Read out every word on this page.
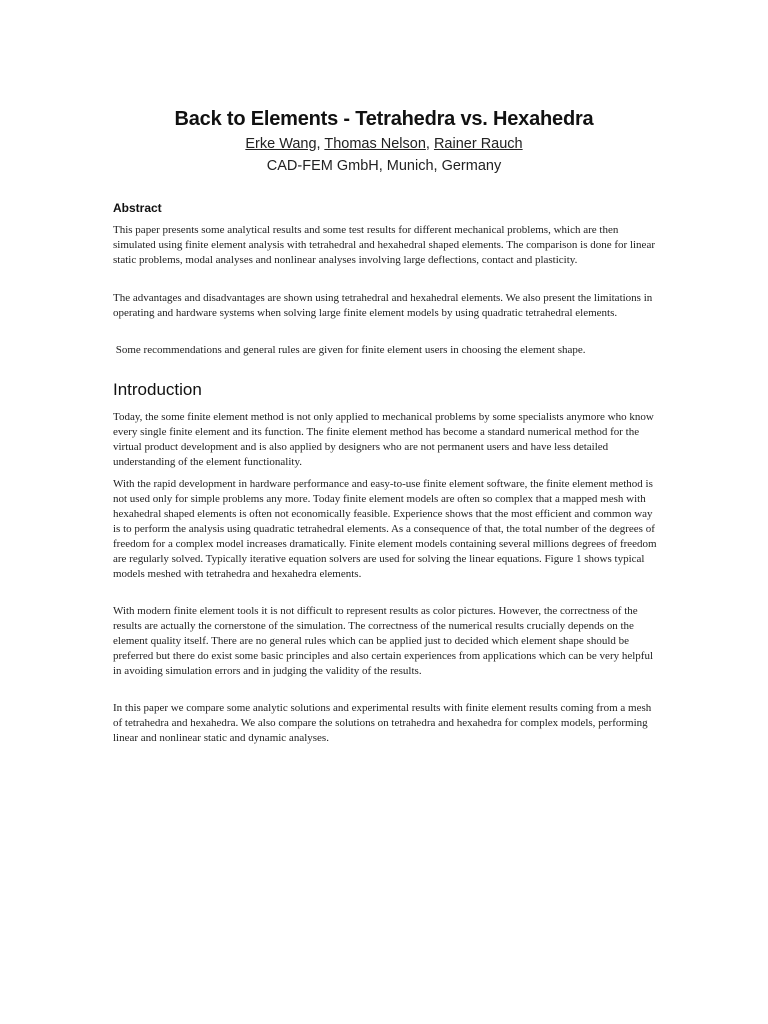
Back to Elements - Tetrahedra vs. Hexahedra
Erke Wang, Thomas Nelson, Rainer Rauch
CAD-FEM GmbH, Munich, Germany
Abstract

This paper presents some analytical results and some test results for different mechanical problems, which are then simulated using finite element analysis with tetrahedral and hexahedral shaped elements. The comparison is done for linear static problems, modal analyses and nonlinear analyses involving large deflections, contact and plasticity.

The advantages and disadvantages are shown using tetrahedral and hexahedral elements. We also present the limitations in operating and hardware systems when solving large finite element models by using quadratic tetrahedral elements.

Some recommendations and general rules are given for finite element users in choosing the element shape.

Introduction

Today, the some finite element method is not only applied to mechanical problems by some specialists anymore who know every single finite element and its function. The finite element method has become a standard numerical method for the virtual product development and is also applied by designers who are not permanent users and have less detailed understanding of the element functionality.

With the rapid development in hardware performance and easy-to-use finite element software, the finite element method is not used only for simple problems any more. Today finite element models are often so complex that a mapped mesh with hexahedral shaped elements is often not economically feasible. Experience shows that the most efficient and common way is to perform the analysis using quadratic tetrahedral elements. As a consequence of that, the total number of the degrees of freedom for a complex model increases dramatically. Finite element models containing several millions degrees of freedom are regularly solved. Typically iterative equation solvers are used for solving the linear equations. Figure 1 shows typical models meshed with tetrahedra and hexahedra elements.

With modern finite element tools it is not difficult to represent results as color pictures. However, the correctness of the results are actually the cornerstone of the simulation. The correctness of the numerical results crucially depends on the element quality itself. There are no general rules which can be applied just to decided which element shape should be preferred but there do exist some basic principles and also certain experiences from applications which can be very helpful in avoiding simulation errors and in judging the validity of the results.

In this paper we compare some analytic solutions and experimental results with finite element results coming from a mesh of tetrahedra and hexahedra. We also compare the solutions on tetrahedra and hexahedra for complex models, performing linear and nonlinear static and dynamic analyses.
